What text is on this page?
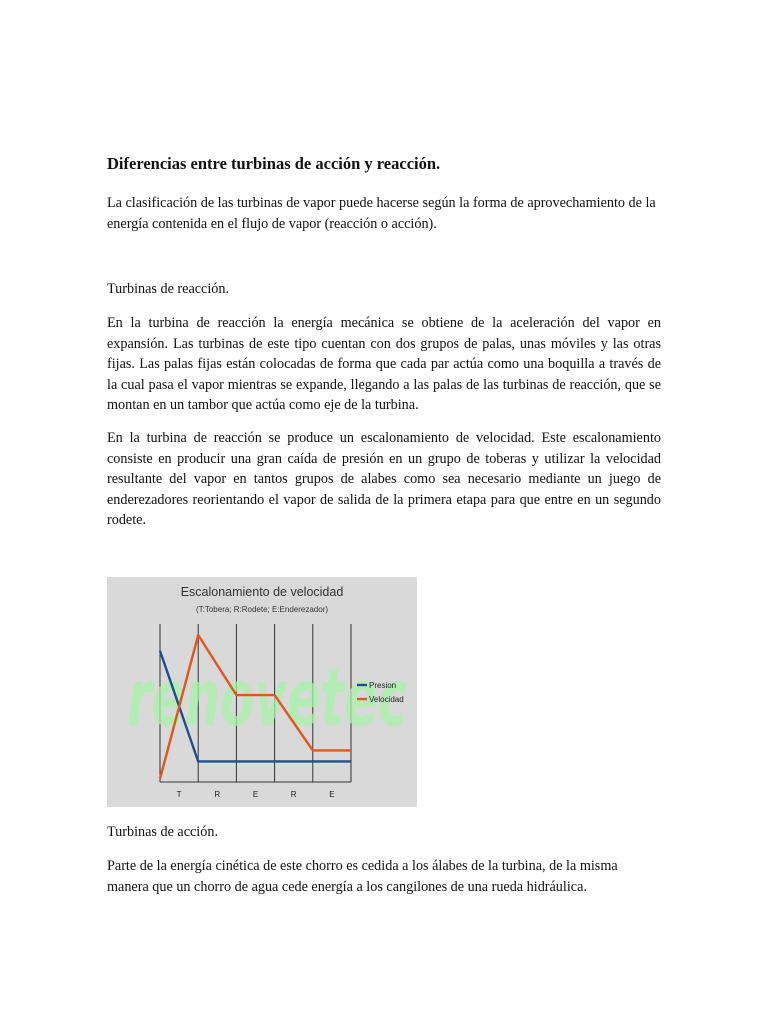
Diferencias entre turbinas de acción y reacción.

La clasificación de las turbinas de vapor puede hacerse según la forma de aprovechamiento de la energía contenida en el flujo de vapor (reacción o acción).

Turbinas de reacción.

En la turbina de reacción la energía mecánica se obtiene de la aceleración del vapor en expansión. Las turbinas de este tipo cuentan con dos grupos de palas, unas móviles y las otras fijas. Las palas fijas están colocadas de forma que cada par actúa como una boquilla a través de la cual pasa el vapor mientras se expande, llegando a las palas de las turbinas de reacción, que se montan en un tambor que actúa como eje de la turbina.

En la turbina de reacción se produce un escalonamiento de velocidad. Este escalonamiento consiste en producir una gran caída de presión en un grupo de toberas y utilizar la velocidad resultante del vapor en tantos grupos de alabes como sea necesario mediante un juego de enderezadores reorientando el vapor de salida de la primera etapa para que entre en un segundo rodete.

Escalonamiento de velocidad
(T:Tobera; R:Rodete; E:Enderezador)
renovetec
T	R	E	R	E
Presion
Velocidad

Turbinas de acción.

Parte de la energía cinética de este chorro es cedida a los álabes de la turbina, de la misma manera que un chorro de agua cede energía a los cangilones de una rueda hidráulica.
